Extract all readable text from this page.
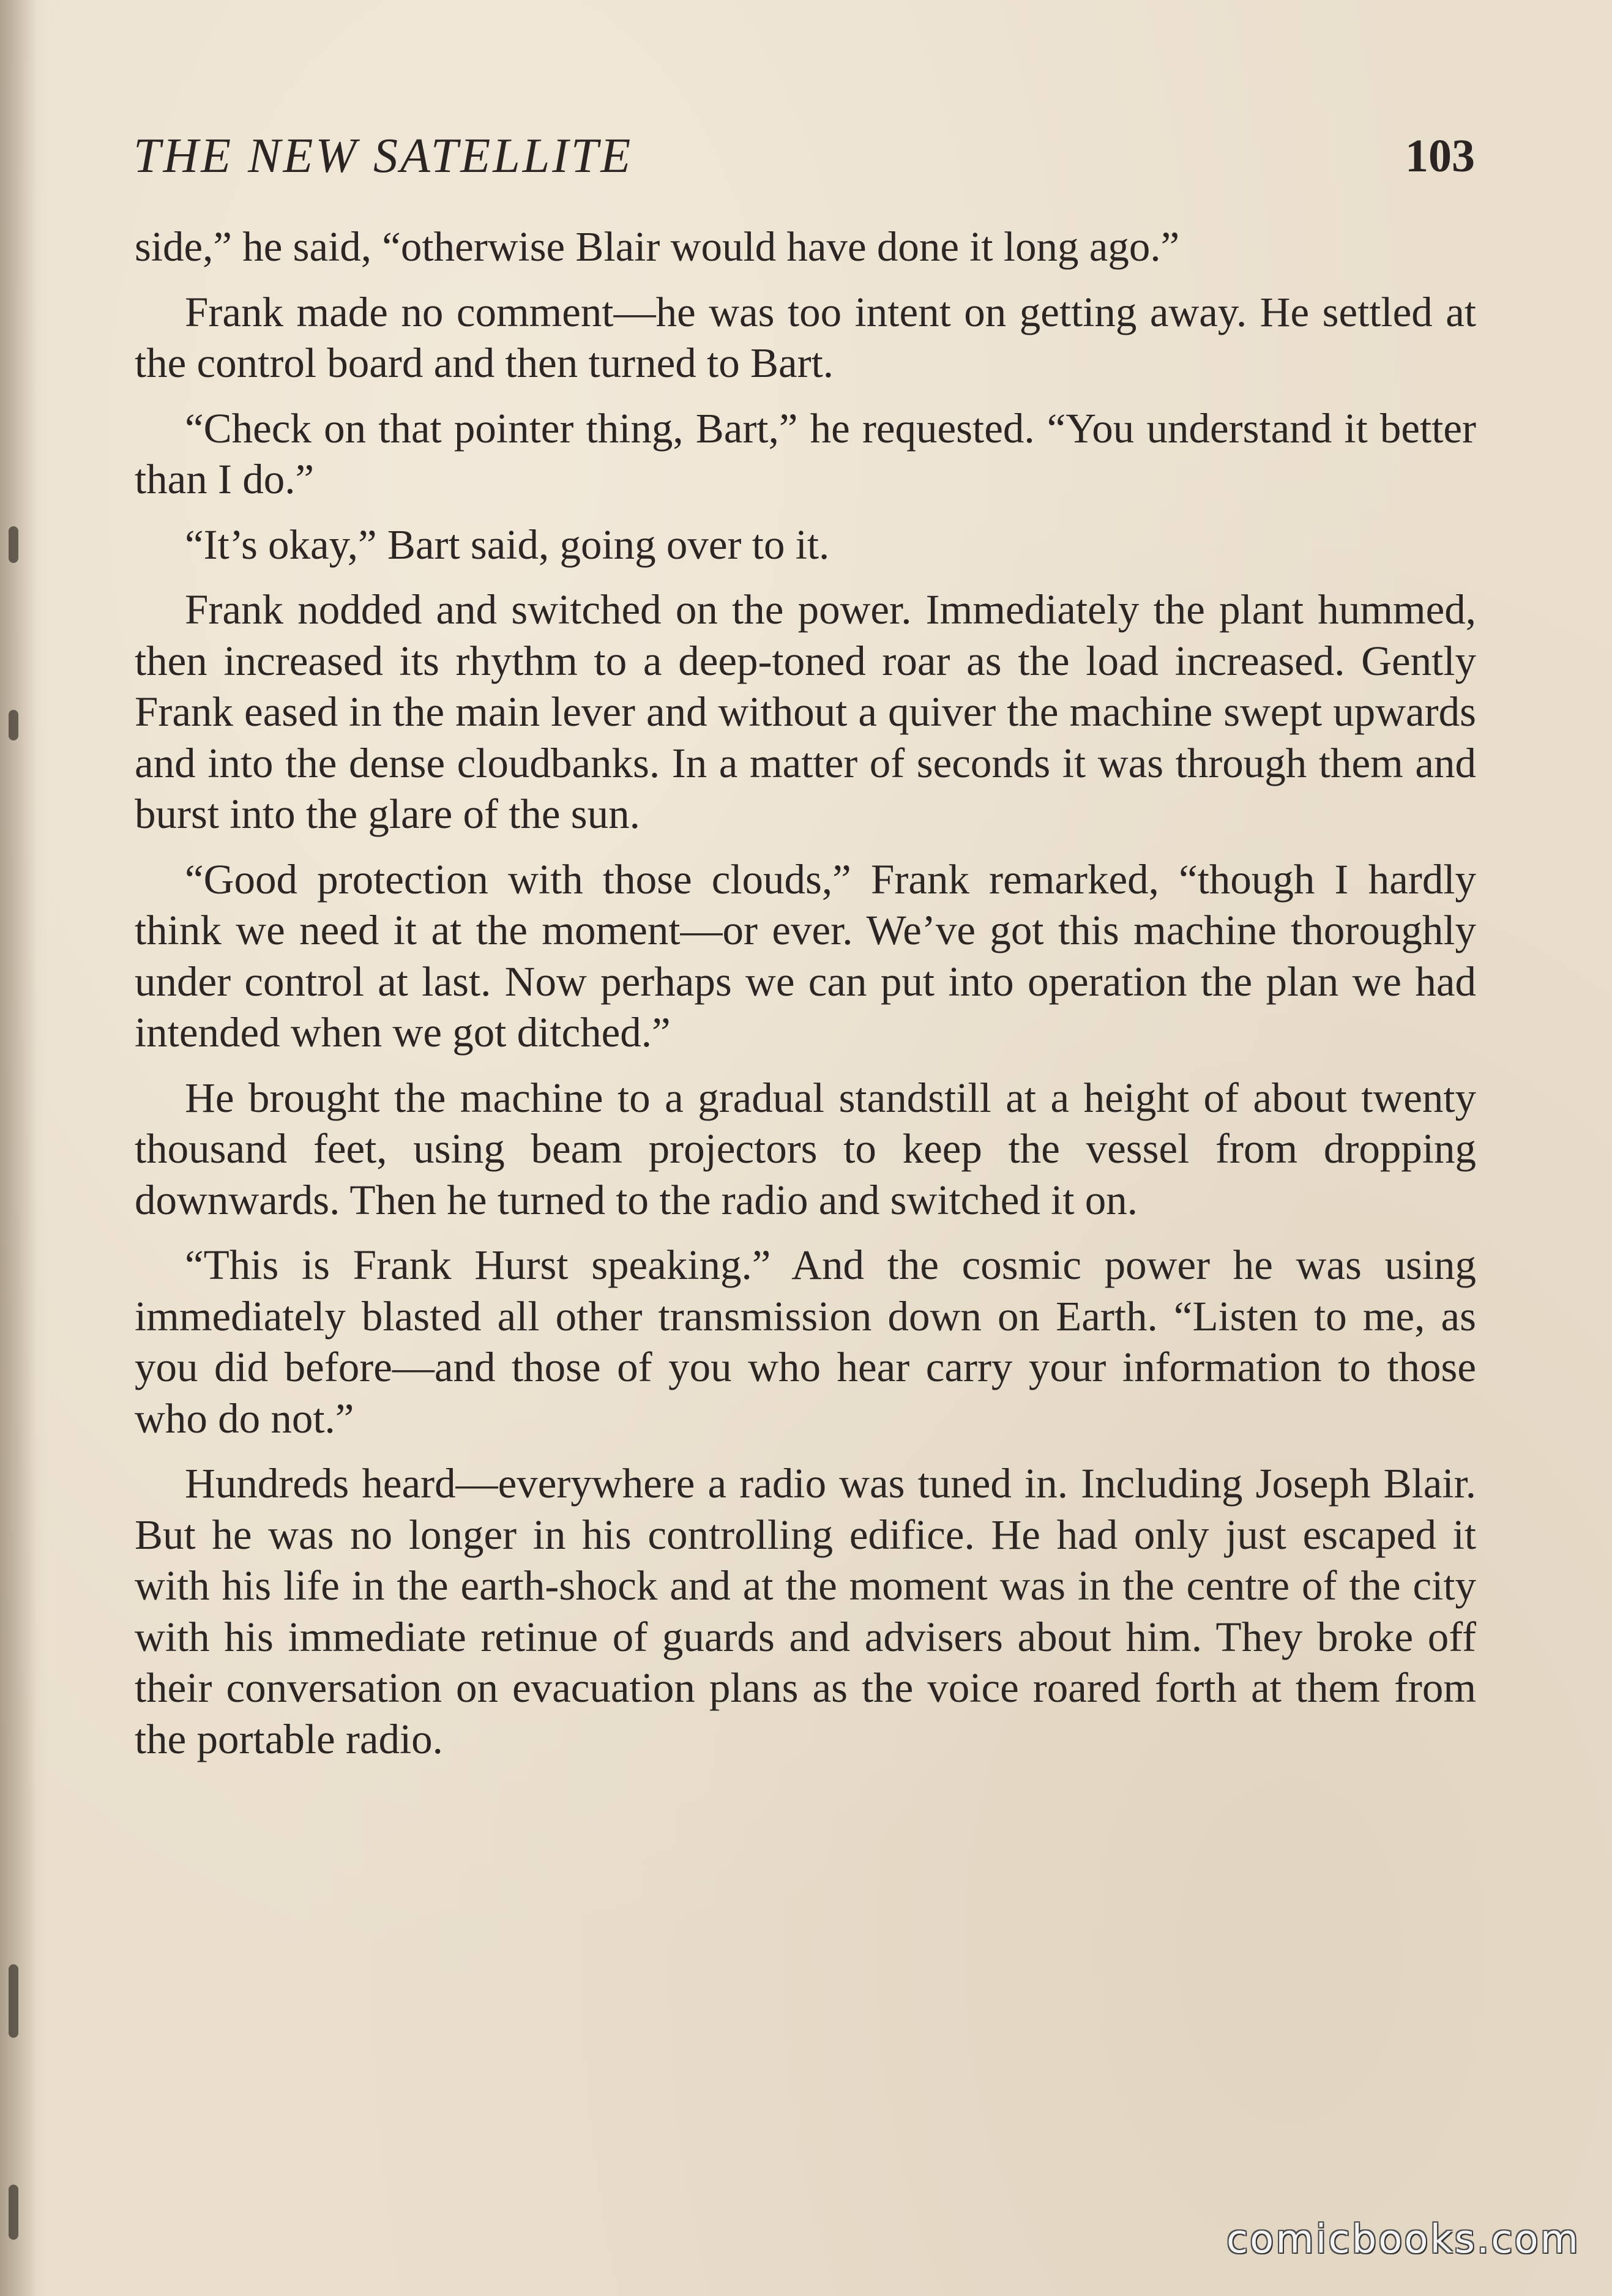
THE NEW SATELLITE	103

side,” he said, “otherwise Blair would have done it long ago.”

Frank made no comment—he was too intent on getting away. He settled at the control board and then turned to Bart.

“Check on that pointer thing, Bart,” he requested. “You understand it better than I do.”

“It’s okay,” Bart said, going over to it.

Frank nodded and switched on the power. Immediately the plant hummed, then increased its rhythm to a deep-toned roar as the load increased. Gently Frank eased in the main lever and without a quiver the machine swept upwards and into the dense cloudbanks. In a matter of seconds it was through them and burst into the glare of the sun.

“Good protection with those clouds,” Frank remarked, “though I hardly think we need it at the moment—or ever. We’ve got this machine thoroughly under control at last. Now perhaps we can put into operation the plan we had intended when we got ditched.”

He brought the machine to a gradual standstill at a height of about twenty thousand feet, using beam projectors to keep the vessel from dropping downwards. Then he turned to the radio and switched it on.

“This is Frank Hurst speaking.” And the cosmic power he was using immediately blasted all other transmission down on Earth. “Listen to me, as you did before—and those of you who hear carry your information to those who do not.”

Hundreds heard—everywhere a radio was tuned in. Including Joseph Blair. But he was no longer in his controlling edifice. He had only just escaped it with his life in the earth-shock and at the moment was in the centre of the city with his immediate retinue of guards and advisers about him. They broke off their conversation on evacuation plans as the voice roared forth at them from the portable radio.

comicbooks.com
